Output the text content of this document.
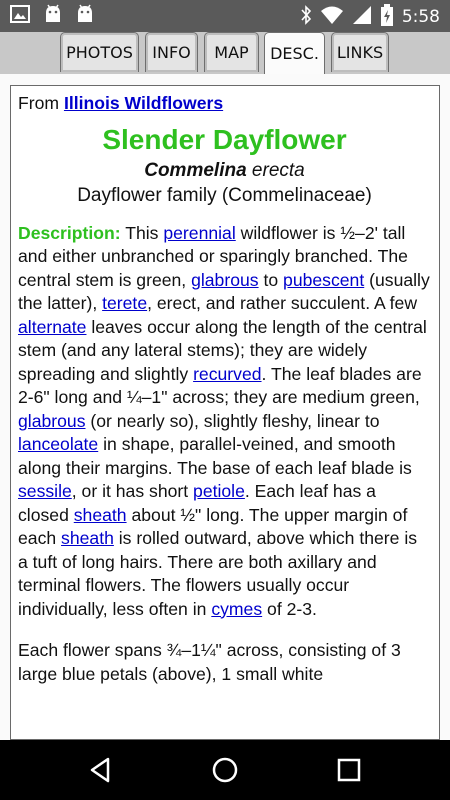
5:58
PHOTOS	INFO	MAP	DESC.	LINKS
From Illinois Wildflowers
Slender Dayflower
Commelina erecta
Dayflower family (Commelinaceae)

Description: This perennial wildflower is ½–2' tall and either unbranched or sparingly branched. The central stem is green, glabrous to pubescent (usually the latter), terete, erect, and rather succulent. A few alternate leaves occur along the length of the central stem (and any lateral stems); they are widely spreading and slightly recurved. The leaf blades are 2-6" long and ¼–1" across; they are medium green, glabrous (or nearly so), slightly fleshy, linear to lanceolate in shape, parallel-veined, and smooth along their margins. The base of each leaf blade is sessile, or it has short petiole. Each leaf has a closed sheath about ½" long. The upper margin of each sheath is rolled outward, above which there is a tuft of long hairs. There are both axillary and terminal flowers. The flowers usually occur individually, less often in cymes of 2-3.

Each flower spans ¾–1¼" across, consisting of 3 large blue petals (above), 1 small white
